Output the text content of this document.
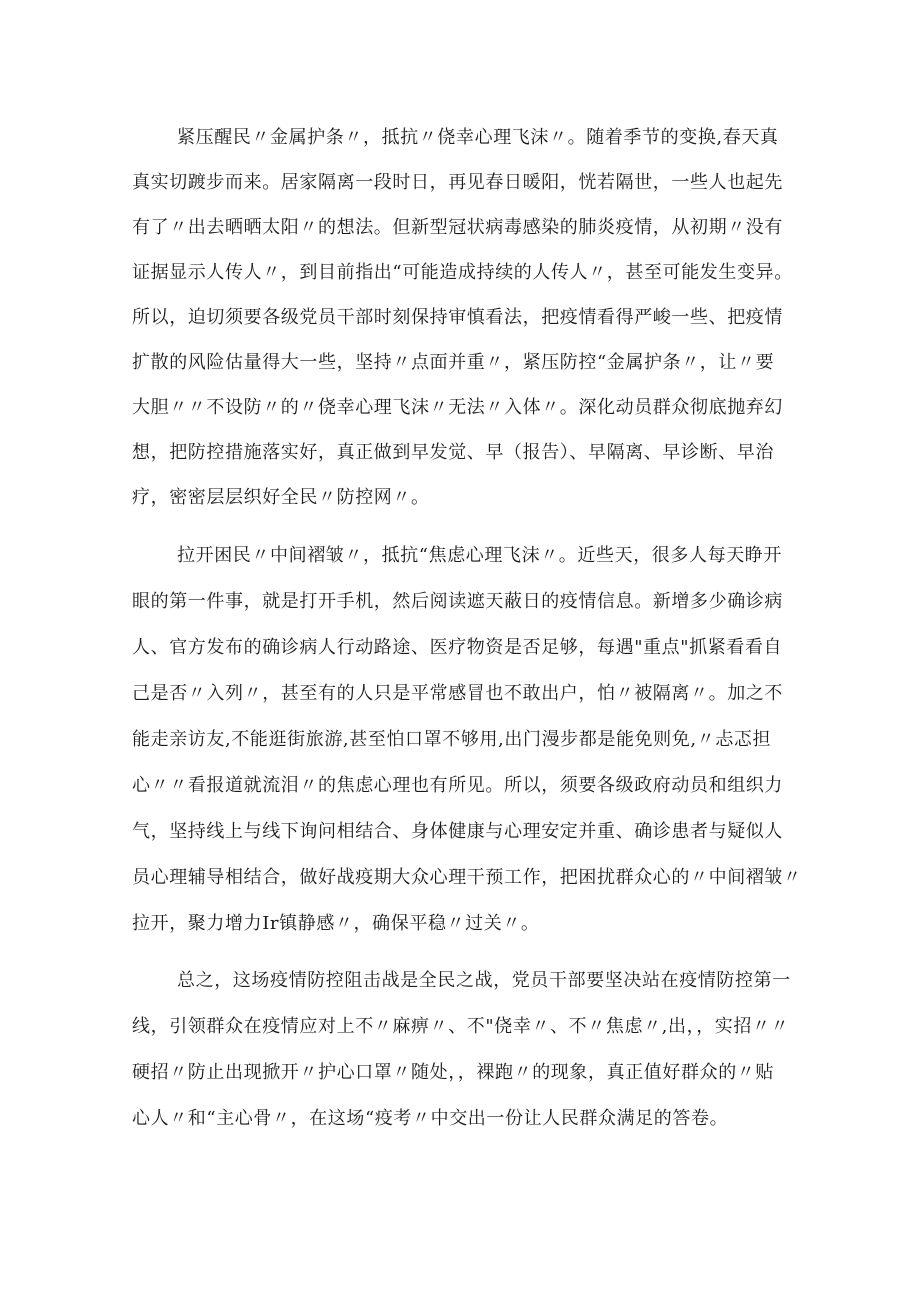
紧压醒民〃金属护条〃，抵抗〃侥幸心理飞沫〃。随着季节的变换,春天真
真实切踱步而来。居家隔离一段时日，再见春日暖阳，恍若隔世，一些人也起先
有了〃出去晒晒太阳〃的想法。但新型冠状病毒感染的肺炎疫情，从初期〃没有
证据显示人传人〃，到目前指出“可能造成持续的人传人〃，甚至可能发生变异。
所以，迫切须要各级党员干部时刻保持审慎看法，把疫情看得严峻一些、把疫情
扩散的风险估量得大一些，坚持〃点面并重〃，紧压防控“金属护条〃，让〃要
大胆〃〃不设防〃的〃侥幸心理飞沫〃无法〃入体〃。深化动员群众彻底抛弃幻
想，把防控措施落实好，真正做到早发觉、早（报告）、早隔离、早诊断、早治
疗，密密层层织好全民〃防控网〃。
拉开困民〃中间褶皱〃，抵抗“焦虑心理飞沫〃。近些天，很多人每天睁开
眼的第一件事，就是打开手机，然后阅读遮天蔽日的疫情信息。新增多少确诊病
人、官方发布的确诊病人行动路途、医疗物资是否足够，每遇"重点"抓紧看看自
己是否〃入列〃，甚至有的人只是平常感冒也不敢出户，怕〃被隔离〃。加之不
能走亲访友,不能逛街旅游,甚至怕口罩不够用,出门漫步都是能免则免,〃忐忑担
心〃〃看报道就流泪〃的焦虑心理也有所见。所以，须要各级政府动员和组织力
气，坚持线上与线下询问相结合、身体健康与心理安定并重、确诊患者与疑似人
员心理辅导相结合，做好战疫期大众心理干预工作，把困扰群众心的〃中间褶皱〃
拉开，聚力增力Ir镇静感〃，确保平稳〃过关〃。
总之，这场疫情防控阻击战是全民之战，党员干部要坚决站在疫情防控第一
线，引领群众在疫情应对上不〃麻痹〃、不"侥幸〃、不〃焦虑〃,出，，实招〃〃
硬招〃防止出现掀开〃护心口罩〃随处，，裸跑〃的现象，真正值好群众的〃贴
心人〃和“主心骨〃，在这场“疫考〃中交出一份让人民群众满足的答卷。
